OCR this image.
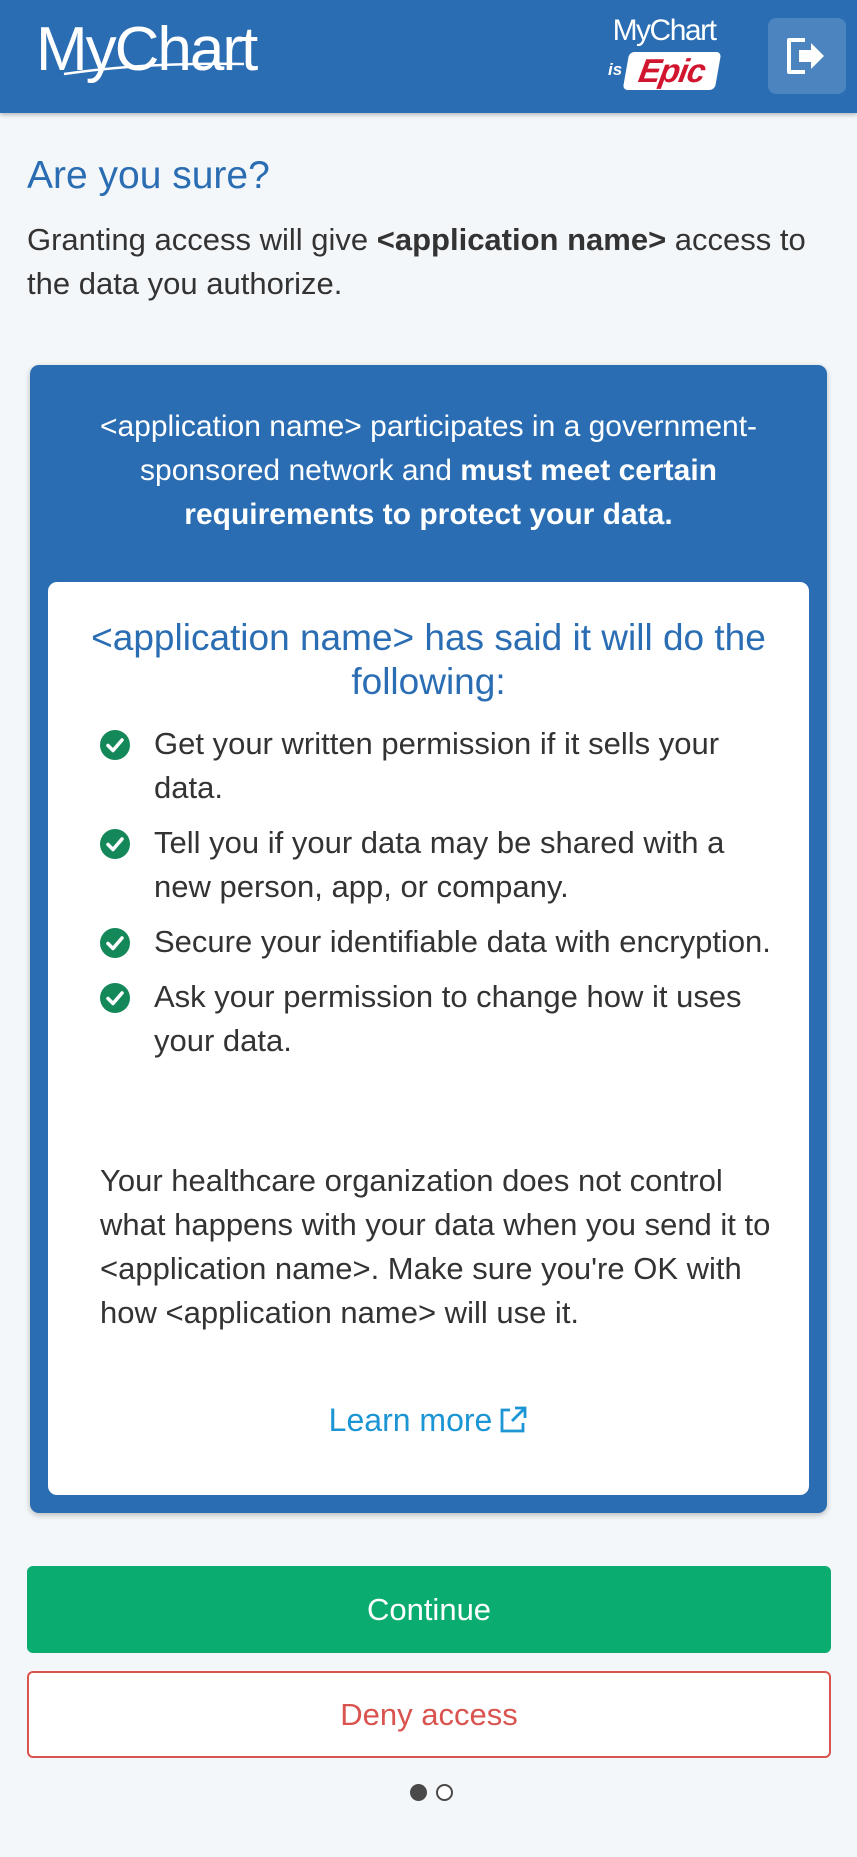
MyChart	MyChart
is Epic
Are you sure?
Granting access will give <application name> access to the data you authorize.
<application name> participates in a government-sponsored network and must meet certain requirements to protect your data.
<application name> has said it will do the following:
Get your written permission if it sells your data.
Tell you if your data may be shared with a new person, app, or company.
Secure your identifiable data with encryption.
Ask your permission to change how it uses your data.
Your healthcare organization does not control what happens with your data when you send it to <application name>. Make sure you're OK with how <application name> will use it.
Learn more
Continue
Deny access
